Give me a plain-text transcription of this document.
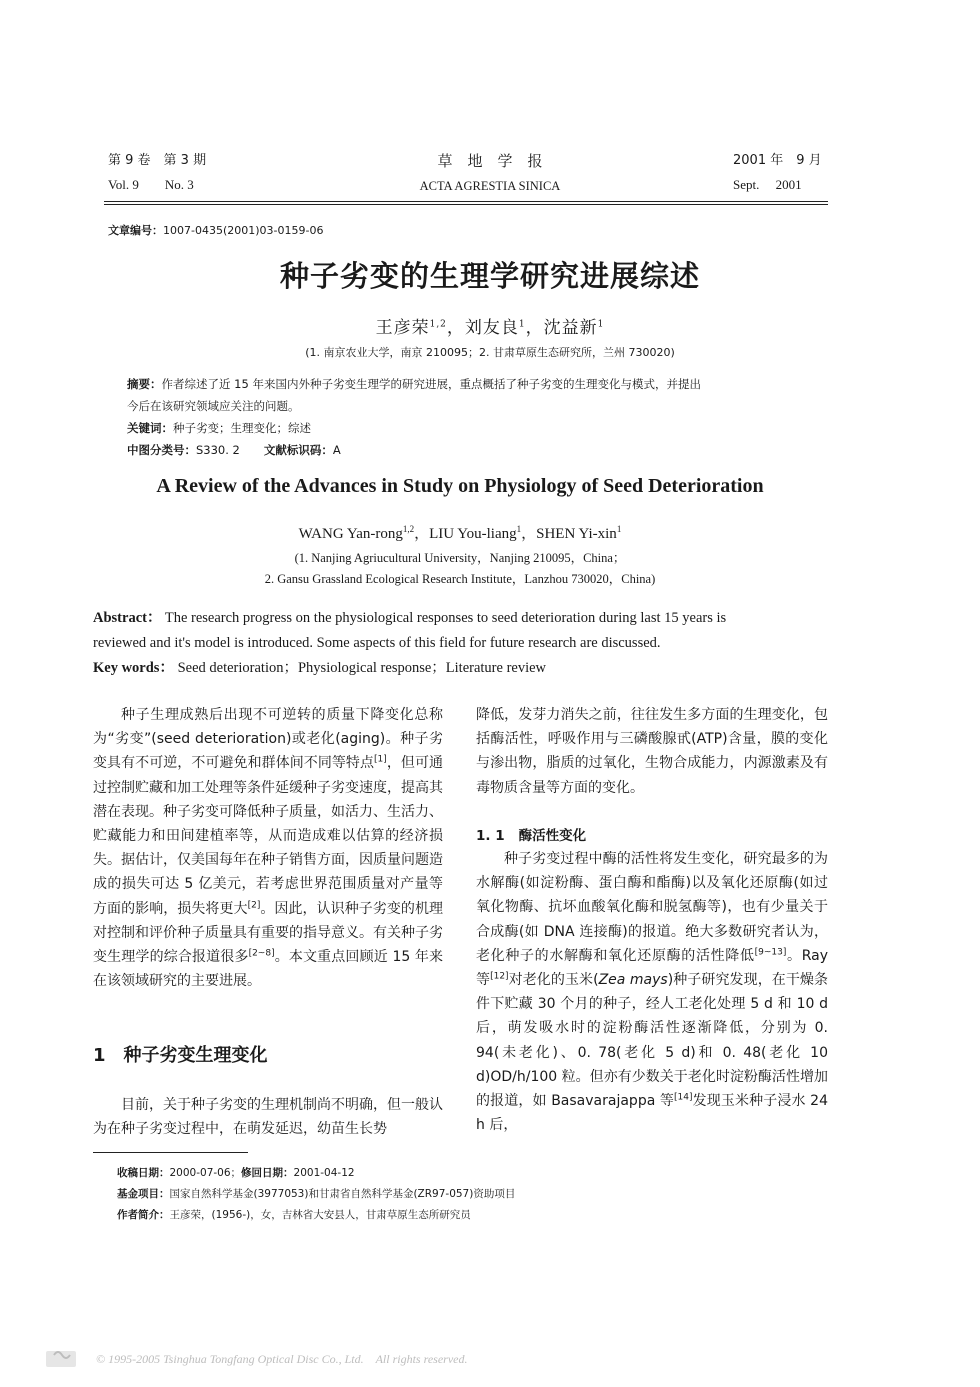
第 9 卷　第 3 期
Vol. 9　　No. 3
草　地　学　报
ACTA AGRESTIA SINICA
2001 年　9 月
Sept.　 2001
文章编号：1007-0435(2001)03-0159-06
种子劣变的生理学研究进展综述
王彦荣$^{1,2}$，刘友良$^1$，沈益新$^1$
(1. 南京农业大学，南京 210095；2. 甘肃草原生态研究所，兰州 730020)
摘要：作者综述了近 15 年来国内外种子劣变生理学的研究进展，重点概括了种子劣变的生理变化与模式，并提出
今后在该研究领域应关注的问题。
关键词：种子劣变；生理变化；综述
中图分类号：S330. 2 文献标识码：A
A Review of the Advances in Study on Physiology of Seed Deterioration
WANG Yan-rong$^{1,2}$，LIU You-liang$^1$，SHEN Yi-xin$^1$
(1. Nanjing Agriucultural University，Nanjing 210095，China；
2. Gansu Grassland Ecological Research Institute，Lanzhou 730020，China)
Abstract： The research progress on the physiological responses to seed deterioration during last 15 years is
reviewed and it's model is introduced. Some aspects of this field for future research are discussed.
Key words： Seed deterioration；Physiological response；Literature review

种子生理成熟后出现不可逆转的质量下降变化总称为“劣变”(seed deterioration)或老化(aging)。种子劣变具有不可逆，不可避免和群体间不同等特点[1]，但可通过控制贮藏和加工处理等条件延缓种子劣变速度，提高其潜在表现。种子劣变可降低种子质量，如活力、生活力、贮藏能力和田间建植率等，从而造成难以估算的经济损失。据估计，仅美国每年在种子销售方面，因质量问题造成的损失可达 5 亿美元，若考虑世界范围质量对产量等方面的影响，损失将更大[2]。因此，认识种子劣变的机理对控制和评价种子质量具有重要的指导意义。有关种子劣变生理学的综合报道很多[2~8]。本文重点回顾近 15 年来在该领域研究的主要进展。

1 种子劣变生理变化

目前，关于种子劣变的生理机制尚不明确，但一般认为在种子劣变过程中，在萌发延迟，幼苗生长势

降低，发芽力消失之前，往往发生多方面的生理变化，包括酶活性，呼吸作用与三磷酸腺甙(ATP)含量，膜的变化与渗出物，脂质的过氧化，生物合成能力，内源激素及有毒物质含量等方面的变化。

1. 1 酶活性变化

种子劣变过程中酶的活性将发生变化，研究最多的为水解酶(如淀粉酶、蛋白酶和酯酶)以及氧化还原酶(如过氧化物酶、抗坏血酸氧化酶和脱氢酶等)，也有少量关于合成酶(如 DNA 连接酶)的报道。绝大多数研究者认为，老化种子的水解酶和氧化还原酶的活性降低[9~13]。Ray 等[12]对老化的玉米(Zea mays)种子研究发现，在干燥条件下贮藏 30 个月的种子，经人工老化处理 5 d 和 10 d 后，萌发吸水时的淀粉酶活性逐渐降低，分别为 0. 94(未老化)、0. 78(老化 5 d)和 0. 48(老化 10 d)OD/h/100 粒。但亦有少数关于老化时淀粉酶活性增加的报道，如 Basavarajappa 等[14]发现玉米种子浸水 24 h 后，

收稿日期：2000-07-06；修回日期：2001-04-12
基金项目：国家自然科学基金(3977053)和甘肃省自然科学基金(ZR97-057)资助项目
作者简介：王彦荣，(1956-)，女，吉林省大安县人，甘肃草原生态所研究员
© 1995-2005 Tsinghua Tongfang Optical Disc Co., Ltd.　All rights reserved.
